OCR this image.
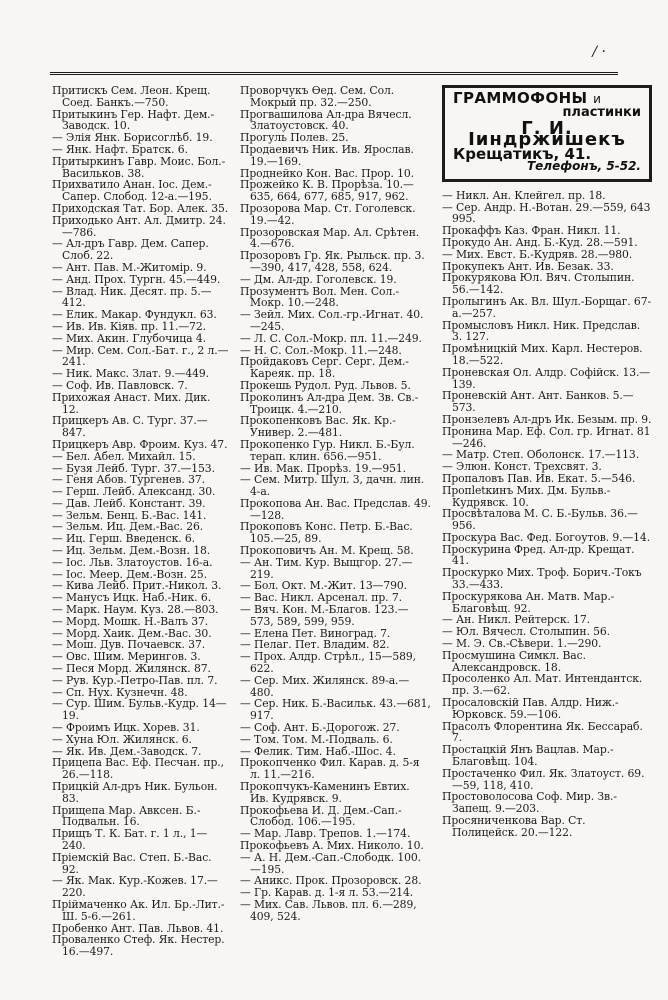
/ ·

Притискъ Сем. Леон. Крещ. Соед. Банкъ.—750.

Притыкинъ Гер. Нафт. Дем.-Заводск. 10.

— Элія Янк. Борисоглѣб. 19.

— Янк. Нафт. Братск. 6.

Притыркинъ Гавр. Моис. Бол.-Васильков. 38.

Прихватило Анан. Іос. Дем.-Сапер. Слобод. 12-а.—195.

Приходская Тат. Бор. Алек. 35.

Приходько Ант. Ал. Дмитр. 24.—786.

— Ал-дръ Гавр. Дем. Сапер. Слоб. 22.

— Ант. Пав. М.-Житомір. 9.

— Анд. Прох. Тургн. 45.—449.

— Влад. Ник. Десят. пр. 5.—412.

— Елик. Макар. Фундукл. 63.

— Ив. Ив. Кіяв. пр. 11.—72.

— Мих. Акин. Глубочица 4.

— Мир. Сем. Сол.-Бат. г., 2 л.—241.

— Ник. Макс. Злат. 9.—449.

— Соф. Ив. Павловск. 7.

Прихожая Анаст. Мих. Дик. 12.

Прицкеръ Ав. С. Тург. 37.—847.

Прицкеръ Авр. Фроим. Куз. 47.

— Бел. Абел. Михайл. 15.

— Бузя Лейб. Тург. 37.—153.

— Геня Абов. Тургенев. 37.

— Герш. Лейб. Александ. 30.

— Дав. Лейб. Констант. 39.

— Зельм. Бенц. Б.-Вас. 141.

— Зельм. Иц. Дем.-Вас. 26.

— Иц. Герш. Введенск. 6.

— Иц. Зельм. Дем.-Возн. 18.

— Іос. Льв. Златоустов. 16-а.

— Іос. Меер. Дем.-Возн. 25.

— Кива Лейб. Прит.-Никол. 3.

— Манусъ Ицк. Наб.-Ник. 6.

— Марк. Наум. Куз. 28.—803.

— Морд. Мошк. Н.-Валъ 37.

— Морд. Хаик. Дем.-Вас. 30.

— Мош. Дув. Почаевск. 37.

— Овс. Шим. Мерингов. 3.

— Песя Морд. Жилянск. 87.

— Рув. Кур.-Петро-Пав. пл. 7.

— Сп. Нух. Кузнечн. 48.

— Сур. Шим. Бульв.-Кудр. 14—19.

— Фроимъ Ицк. Хорев. 31.

— Хуна Юл. Жилянск. 6.

— Як. Ив. Дем.-Заводск. 7.

Прицепа Вас. Еф. Песчан. пр., 26.—118.

Прицкій Ал-дръ Ник. Бульон. 83.

Прищепа Мар. Авксен. Б.-Подвальн. 16.

Прищъ Т. К. Бат. г. 1 л., 1—240.

Пріемскій Вас. Степ. Б.-Вас. 92.

— Як. Мак. Кур.-Кожев. 17.—220.

Пріймаченко Ак. Ил. Бр.-Лит.-Ш. 5-6.—261.

Пробенко Ант. Пав. Львов. 41.

Проваленко Стеф. Як. Нестер. 16.—497.

Проворчукъ Ѳед. Сем. Сол. Мокрый пр. 32.—250.

Прогвашилова Ал-дра Вячесл. Златоустовск. 40.

Прогуль Полев. 25.

Продаевичъ Ник. Ив. Ярослав. 19.—169.

Проднейко Кон. Вас. Прор. 10.

Прожейко К. В. Прорѣза. 10.—635, 664, 677, 685, 917, 962.

Прозорова Мар. Ст. Гоголевск. 19.—42.

Прозоровская Мар. Ал. Срѣтен. 4.—676.

Прозоровъ Гр. Як. Рыльск. пр. 3.—390, 417, 428, 558, 624.

— Дм. Ал-др. Гоголевск. 19.

Прозументъ Вол. Мен. Сол.-Мокр. 10.—248.

— Зейл. Мих. Сол.-гр.-Игнат. 40.—245.

— Л. С. Сол.-Мокр. пл. 11.—249.

— Н. С. Сол.-Мокр. 11.—248.

Пройдаковъ Серг. Серг. Дем.-Кареяк. пр. 18.

Прокешь Рудол. Руд. Львов. 5.

Проколинъ Ал-дра Дем. Зв. Св.-Троицк. 4.—210.

Прокопенковъ Вас. Як. Кр.-Универ. 2.—481.

Прокопенко Гур. Никл. Б.-Бул. терап. клин. 656.—951.

— Ив. Мак. Прорѣз. 19.—951.

— Сем. Митр. Шул. 3, дачн. лин. 4-а.

Прокопова Ан. Вас. Предслав. 49.—128.

Прокоповъ Конс. Петр. Б.-Вас. 105.—25, 89.

Прокоповичъ Ан. М. Крещ. 58.

— Ан. Тим. Кур. Выщгор. 27.—219.

— Бол. Окт. М.-Жит. 13—790.

— Вас. Никл. Арсенал. пр. 7.

— Вяч. Кон. М.-Благов. 123.—573, 589, 599, 959.

— Елена Пет. Виноград. 7.

— Пелаг. Пет. Владим. 82.

— Прох. Алдр. Стрѣл., 15—589, 622.

— Сер. Мих. Жилянск. 89-а.—480.

— Сер. Ник. Б.-Васильк. 43.—681, 917.

— Соф. Ант. Б.-Дорогож. 27.

— Том. Том. М.-Подваль. 6.

— Фелик. Тим. Наб.-Шос. 4.

Прокопченко Фил. Карав. д. 5-я л. 11.—216.

Прокопчукъ-Каменинъ Евтих. Ив. Кудрявск. 9.

Прокофьева И. Д. Дем.-Сап.-Слобод. 106.—195.

— Мар. Лавр. Трепов. 1.—174.

Прокофьевъ А. Мих. Николо. 10.

— А. Н. Дем.-Сап.-Слободк. 100.—195.

— Аникс. Прок. Прозоровск. 28.

— Гр. Карав. д. 1-я л. 53.—214.

— Мих. Сав. Львов. пл. 6.—289, 409, 524.

ГРАММОФОНЫ и
пластинки
Г. И. Іиндржишекъ
Крещатикъ, 41.
Телефонъ, 5-52.

— Никл. Ан. Клейгел. пр. 18.

— Сер. Андр. Н.-Вотан. 29.—559, 643 995.

Прокаффъ Каз. Фран. Никл. 11.

Прокудо Ан. Анд. Б.-Куд. 28.—591.

— Мих. Евст. Б.-Кудряв. 28.—980.

Прокупекъ Ант. Ив. Безак. 33.

Прокурякова Юл. Вяч. Столыпин. 56.—142.

Пролыгинъ Ак. Вл. Шул.-Борщаг. 67-а.—257.

Промысловъ Никл. Ник. Предслав. 3. 127.

Промѣницкій Мих. Карл. Нестеров. 18.—522.

Проневская Ол. Алдр. Софійск. 13.—139.

Проневскій Ант. Ант. Банков. 5.—573.

Пронзелевъ Ал-дръ Ик. Безым. пр. 9.

Пронина Мар. Еф. Сол. гр. Игнат. 81—246.

— Матр. Степ. Оболонск. 17.—113.

— Элюн. Конст. Трехсвят. 3.

Пропаловъ Пав. Ив. Екат. 5.—546.

Пропletкинъ Мих. Дм. Бульв.-Кудрявск. 10.

Просвѣталова М. С. Б.-Бульв. 36.—956.

Проскура Вас. Фед. Богоутов. 9.—14.

Проскурина Фред. Ал-др. Крещат. 41.

Проскурко Мих. Троф. Борич.-Токъ 33.—433.

Проскурякова Ан. Матв. Мар.-Благовѣщ. 92.

— Ан. Никл. Рейтерск. 17.

— Юл. Вячесл. Столыпин. 56.

— М. Э. Св.-Сѣвери. 1.—290.

Просмушина Симкл. Вас. Александровск. 18.

Просоленко Ал. Мат. Интендантск. пр. 3.—62.

Просаловскій Пав. Алдр. Ниж.-Юрковск. 59.—106.

Прасолъ Флорентина Як. Бессараб. 7.

Простацкій Янъ Вацлав. Мар.-Благовѣщ. 104.

Простаченко Фил. Як. Златоуст. 69.—59, 118, 410.

Простоволосова Соф. Мир. Зв.-Запещ. 9.—203.

Просяниченкова Вар. Ст. Полицейск. 20.—122.
